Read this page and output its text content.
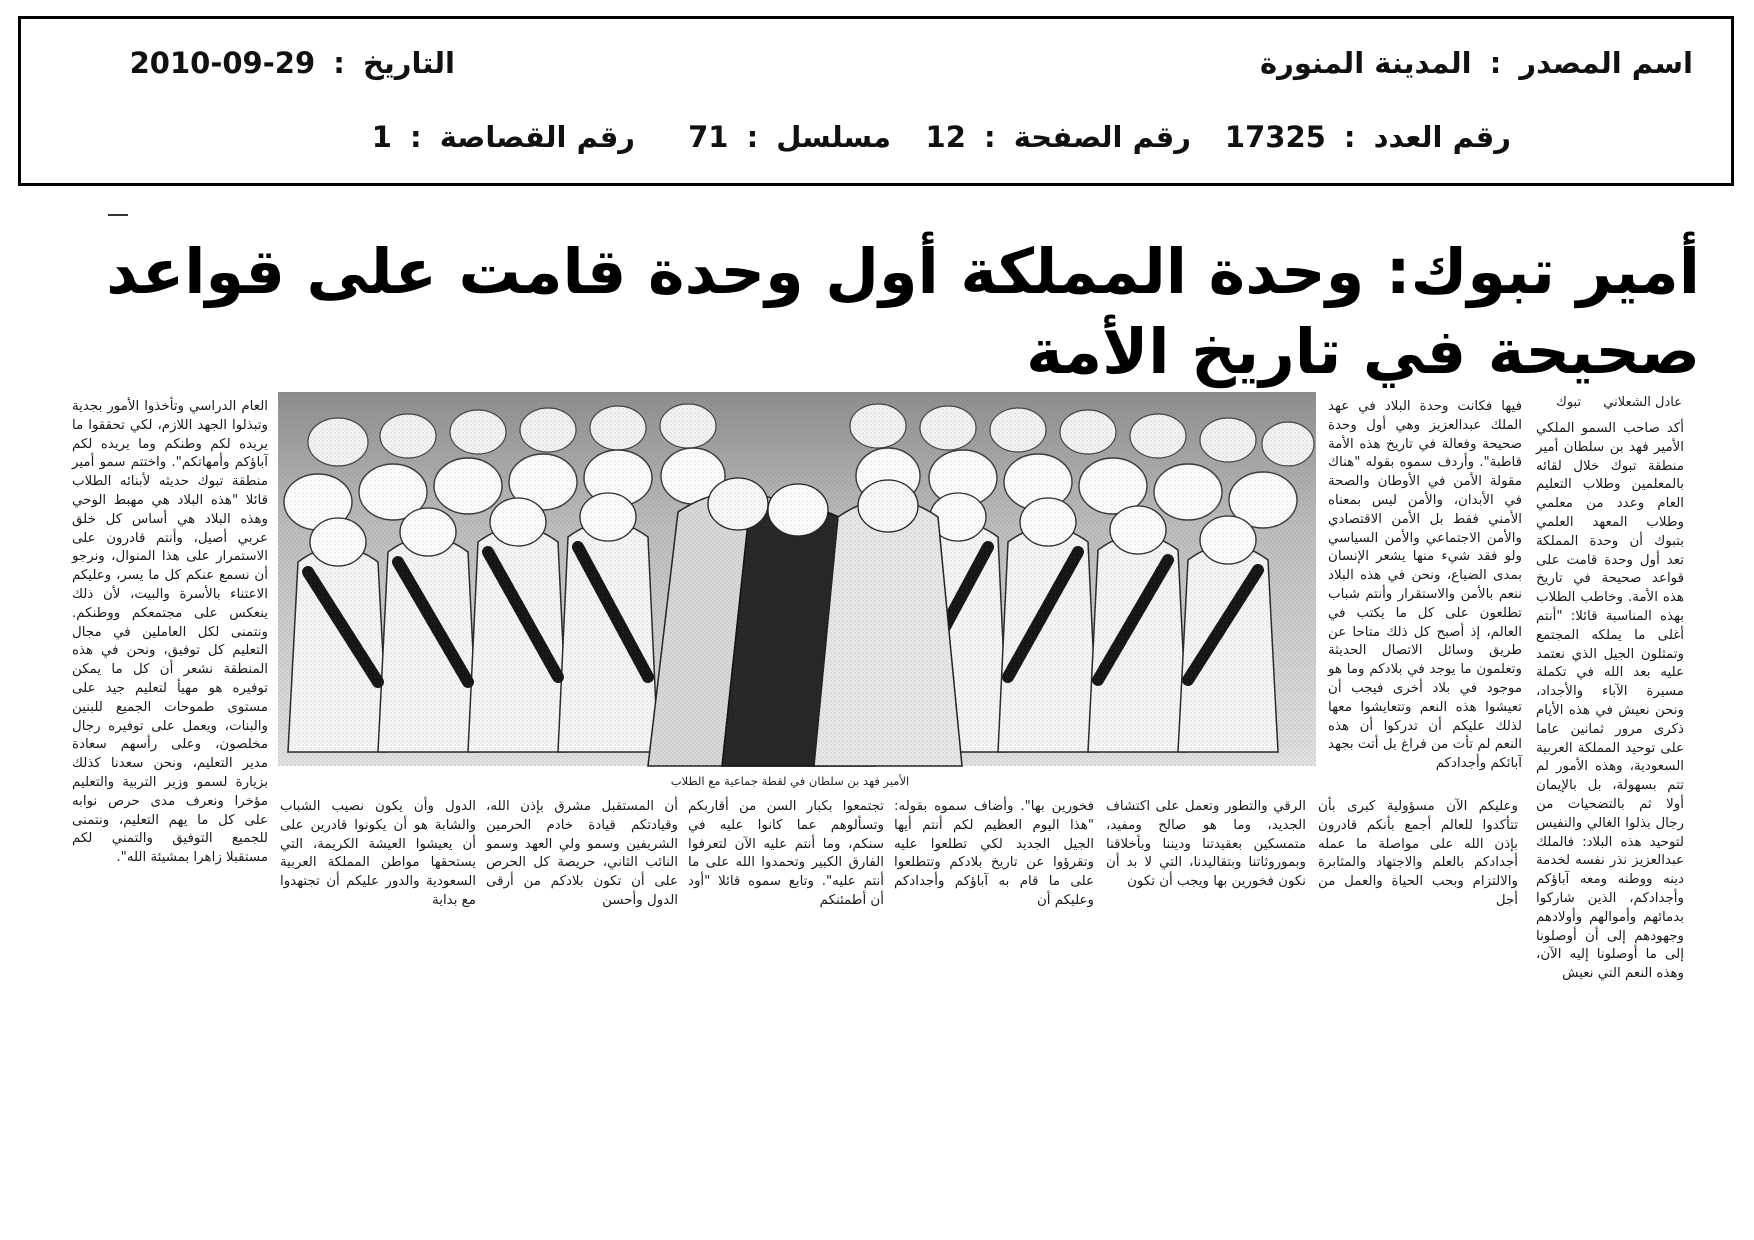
اسم المصدر : المدينة المنورة
التاريخ : 2010-09-29
رقم العدد : 17325
رقم الصفحة : 12
مسلسل : 71
رقم القصاصة : 1
أمير تبوك: وحدة المملكة أول وحدة قامت على قواعد
صحيحة في تاريخ الأمة
عادل الشعلاني تبوك

أكد صاحب السمو الملكي الأمير فهد بن سلطان أمير منطقة تبوك خلال لقائه بالمعلمين وطلاب التعليم العام وعدد من معلمي وطلاب المعهد العلمي بتبوك أن وحدة المملكة تعد أول وحدة قامت على قواعد صحيحة في تاريخ هذه الأمة. وخاطب الطلاب بهذه المناسبة قائلا: "أنتم أغلى ما يملكه المجتمع وتمثلون الجيل الذي نعتمد عليه بعد الله في تكملة مسيرة الآباء والأجداد، ونحن نعيش في هذه الأيام ذكرى مرور ثمانين عاما على توحيد المملكة العربية السعودية، وهذه الأمور لم تتم بسهولة، بل بالإيمان أولا ثم بالتضحيات من رجال بذلوا الغالي والنفيس لتوحيد هذه البلاد: فالملك عبدالعزيز نذر نفسه لخدمة دينه ووطنه ومعه آباؤكم وأجدادكم، الذين شاركوا بدمائهم وأموالهم وأولادهم وجهودهم إلى أن أوصلونا إلى ما أوصلونا إليه الآن، وهذه النعم التي نعيش

فيها فكانت وحدة البلاد في عهد الملك عبدالعزيز وهي أول وحدة صحيحة وفعالة في تاريخ هذه الأمة قاطبة". وأردف سموه بقوله "هناك مقولة الأمن في الأوطان والصحة في الأبدان، والأمن ليس بمعناه الأمني فقط بل الأمن الاقتصادي والأمن الاجتماعي والأمن السياسي ولو فقد شيء منها يشعر الإنسان بمدى الضياع، ونحن في هذه البلاد ننعم بالأمن والاستقرار وأنتم شباب تطلعون على كل ما يكتب في العالم، إذ أصبح كل ذلك متاحا عن طريق وسائل الاتصال الحديثة وتعلمون ما يوجد في بلادكم وما هو موجود في بلاد أخرى فيجب أن تعيشوا هذه النعم وتتعايشوا معها لذلك عليكم أن تدركوا أن هذه النعم لم تأت من فراغ بل أتت بجهد آبائكم وأجدادكم

العام الدراسي وتأخذوا الأمور بجدية وتبذلوا الجهد اللازم، لكي تحققوا ما يريده لكم وطنكم وما يريده لكم آباؤكم وأمهاتكم". واختتم سمو أمير منطقة تبوك حديثه لأبنائه الطلاب قائلا "هذه البلاد هي مهبط الوحي وهذه البلاد هي أساس كل خلق عربي أصيل، وأنتم قادرون على الاستمرار على هذا المنوال، ونرجو أن نسمع عنكم كل ما يسر، وعليكم الاعتناء بالأسرة والبيت، لأن ذلك ينعكس على مجتمعكم ووطنكم. ونتمنى لكل العاملين في مجال التعليم كل توفيق، ونحن في هذه المنطقة نشعر أن كل ما يمكن توفيره هو مهيأ لتعليم جيد على مستوى طموحات الجميع للبنين والبنات، ويعمل على توفيره رجال مخلصون، وعلى رأسهم سعادة مدير التعليم، ونحن سعدنا كذلك بزيارة لسمو وزير التربية والتعليم مؤخرا ونعرف مدى حرص نوابه على كل ما يهم التعليم، ونتمنى للجميع التوفيق والتمني لكم مستقبلا زاهرا بمشيئة الله".

الأمير فهد بن سلطان في لقطة جماعية مع الطلاب

وعليكم الآن مسؤولية كبرى بأن تتأكدوا للعالم أجمع بأنكم قادرون بإذن الله على مواصلة ما عمله أجدادكم بالعلم والاجتهاد والمثابرة والالتزام وبحب الحياة والعمل من أجل

الرقي والتطور وتعمل على اكتشاف الجديد، وما هو صالح ومفيد، متمسكين بعقيدتنا وديننا وبأخلاقنا وبموروثاتنا وبتقاليدنا، التي لا بد أن نكون فخورين بها ويجب أن تكون

فخورين بها". وأضاف سموه بقوله: "هذا اليوم العظيم لكم أنتم أيها الجيل الجديد لكي تطلعوا عليه وتقرؤوا عن تاريخ بلادكم وتتطلعوا على ما قام به آباؤكم وأجدادكم وعليكم أن

تجتمعوا بكبار السن من أقاربكم وتسألوهم عما كانوا عليه في سنكم، وما أنتم عليه الآن لتعرفوا الفارق الكبير وتحمدوا الله على ما أنتم عليه". وتابع سموه قائلا "أود أن أطمئنكم

أن المستقبل مشرق بإذن الله، وقيادتكم قيادة خادم الحرمين الشريفين وسمو ولي العهد وسمو النائب الثاني، حريصة كل الحرص على أن تكون بلادكم من أرقى الدول وأحسن

الدول وأن يكون نصيب الشباب والشابة هو أن يكونوا قادرين على أن يعيشوا العيشة الكريمة، التي يستحقها مواطن المملكة العربية السعودية والدور عليكم أن تجتهدوا مع بداية
